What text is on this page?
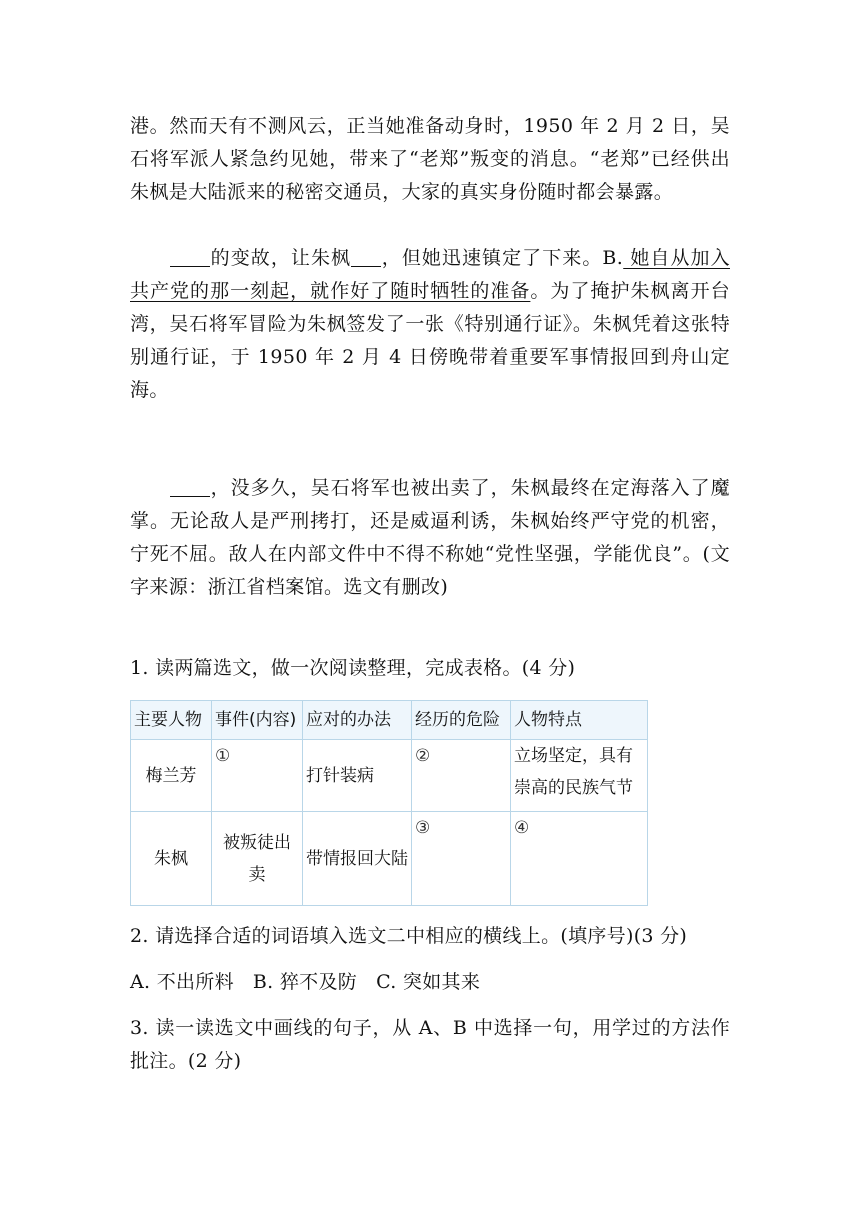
港。然而天有不测风云，正当她准备动身时，1950 年 2 月 2 日，吴石将军派人紧急约见她，带来了“老郑”叛变的消息。“老郑”已经供出朱枫是大陆派来的秘密交通员，大家的真实身份随时都会暴露。

的变故，让朱枫 ，但她迅速镇定了下来。B. 她自从加入共产党的那一刻起，就作好了随时牺牲的准备。为了掩护朱枫离开台湾，吴石将军冒险为朱枫签发了一张《特别通行证》。朱枫凭着这张特别通行证，于 1950 年 2 月 4 日傍晚带着重要军事情报回到舟山定海。

，没多久，吴石将军也被出卖了，朱枫最终在定海落入了魔掌。无论敌人是严刑拷打，还是威逼利诱，朱枫始终严守党的机密，宁死不屈。敌人在内部文件中不得不称她“党性坚强，学能优良”。(文字来源：浙江省档案馆。选文有删改)

1. 读两篇选文，做一次阅读整理，完成表格。(4 分)

主要人物	事件(内容)	应对的办法	经历的危险	人物特点
梅兰芳	①	打针装病	②	立场坚定，具有崇高的民族气节
朱枫	被叛徒出卖	带情报回大陆	③	④

2. 请选择合适的词语填入选文二中相应的横线上。(填序号)(3 分)

A. 不出所料   B. 猝不及防   C. 突如其来

3. 读一读选文中画线的句子，从 A、B 中选择一句，用学过的方法作批注。(2 分)
